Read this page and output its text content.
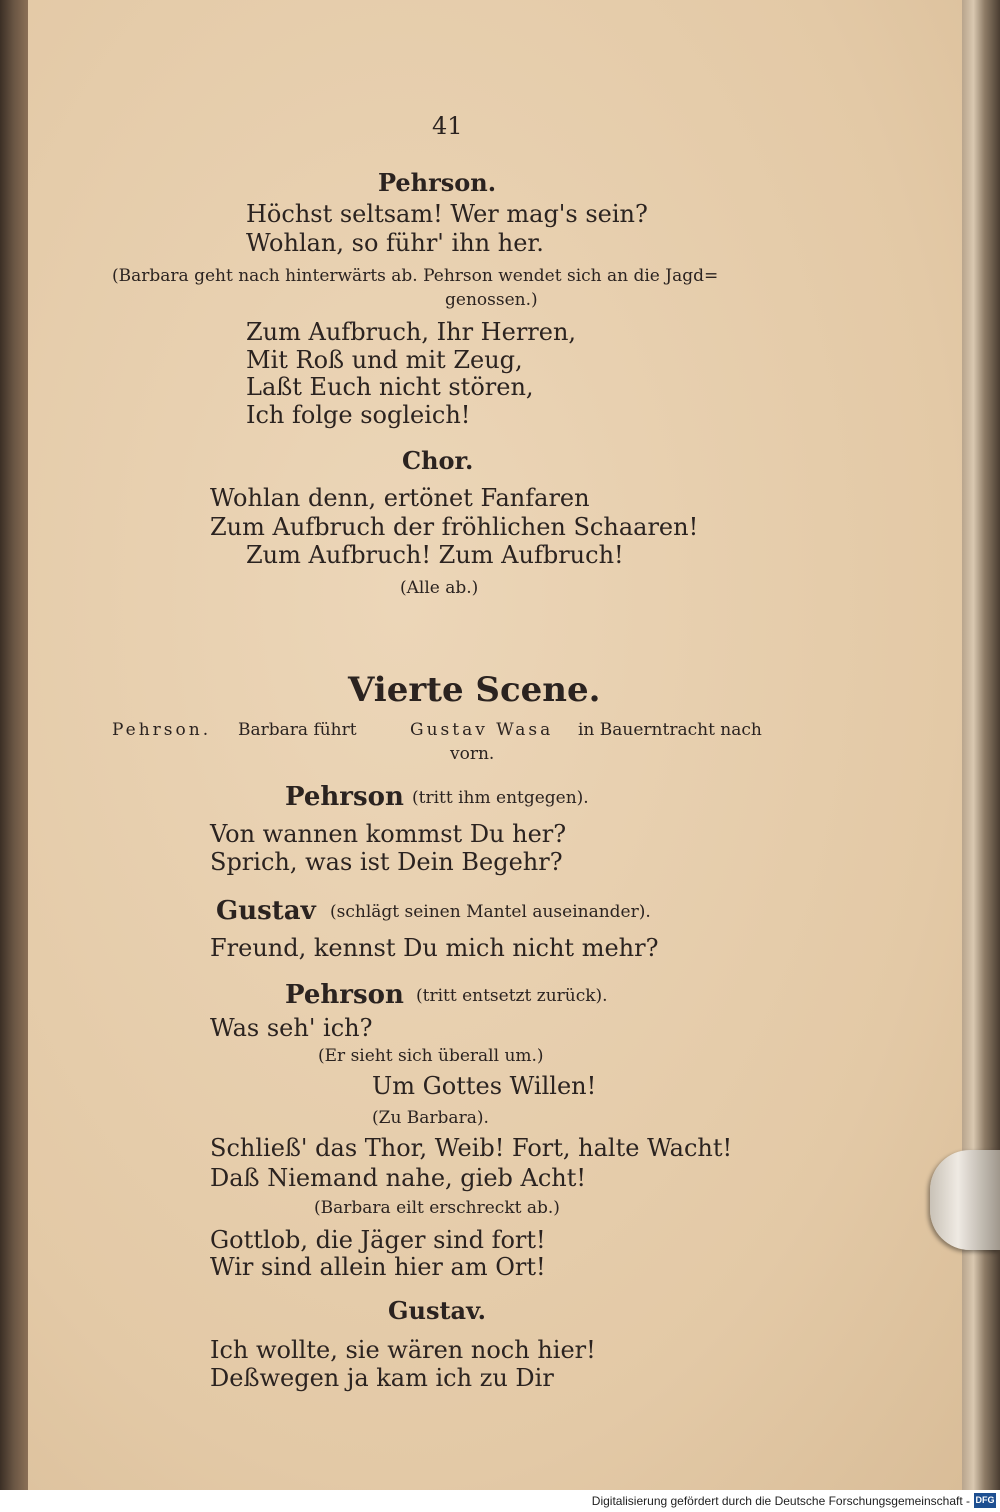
41
Pehrson.
Höchst seltsam! Wer mag's sein?
Wohlan, so führ' ihn her.
(Barbara geht nach hinterwärts ab. Pehrson wendet sich an die Jagd=
genossen.)
Zum Aufbruch, Ihr Herren,
Mit Roß und mit Zeug,
Laßt Euch nicht stören,
Ich folge sogleich!
Chor.
Wohlan denn, ertönet Fanfaren
Zum Aufbruch der fröhlichen Schaaren!
Zum Aufbruch! Zum Aufbruch!
(Alle ab.)
Vierte Scene.
Pehrson. Barbara führt	Gustav Wasa in Bauerntracht nach
vorn.
Pehrson (tritt ihm entgegen).
Von wannen kommst Du her?
Sprich, was ist Dein Begehr?
Gustav (schlägt seinen Mantel auseinander).
Freund, kennst Du mich nicht mehr?
Pehrson (tritt entsetzt zurück).
Was seh' ich?
(Er sieht sich überall um.)
Um Gottes Willen!
(Zu Barbara).
Schließ' das Thor, Weib! Fort, halte Wacht!
Daß Niemand nahe, gieb Acht!
(Barbara eilt erschreckt ab.)
Gottlob, die Jäger sind fort!
Wir sind allein hier am Ort!
Gustav.
Ich wollte, sie wären noch hier!
Deßwegen ja kam ich zu Dir
Digitalisierung gefördert durch die Deutsche Forschungsgemeinschaft - DFG
